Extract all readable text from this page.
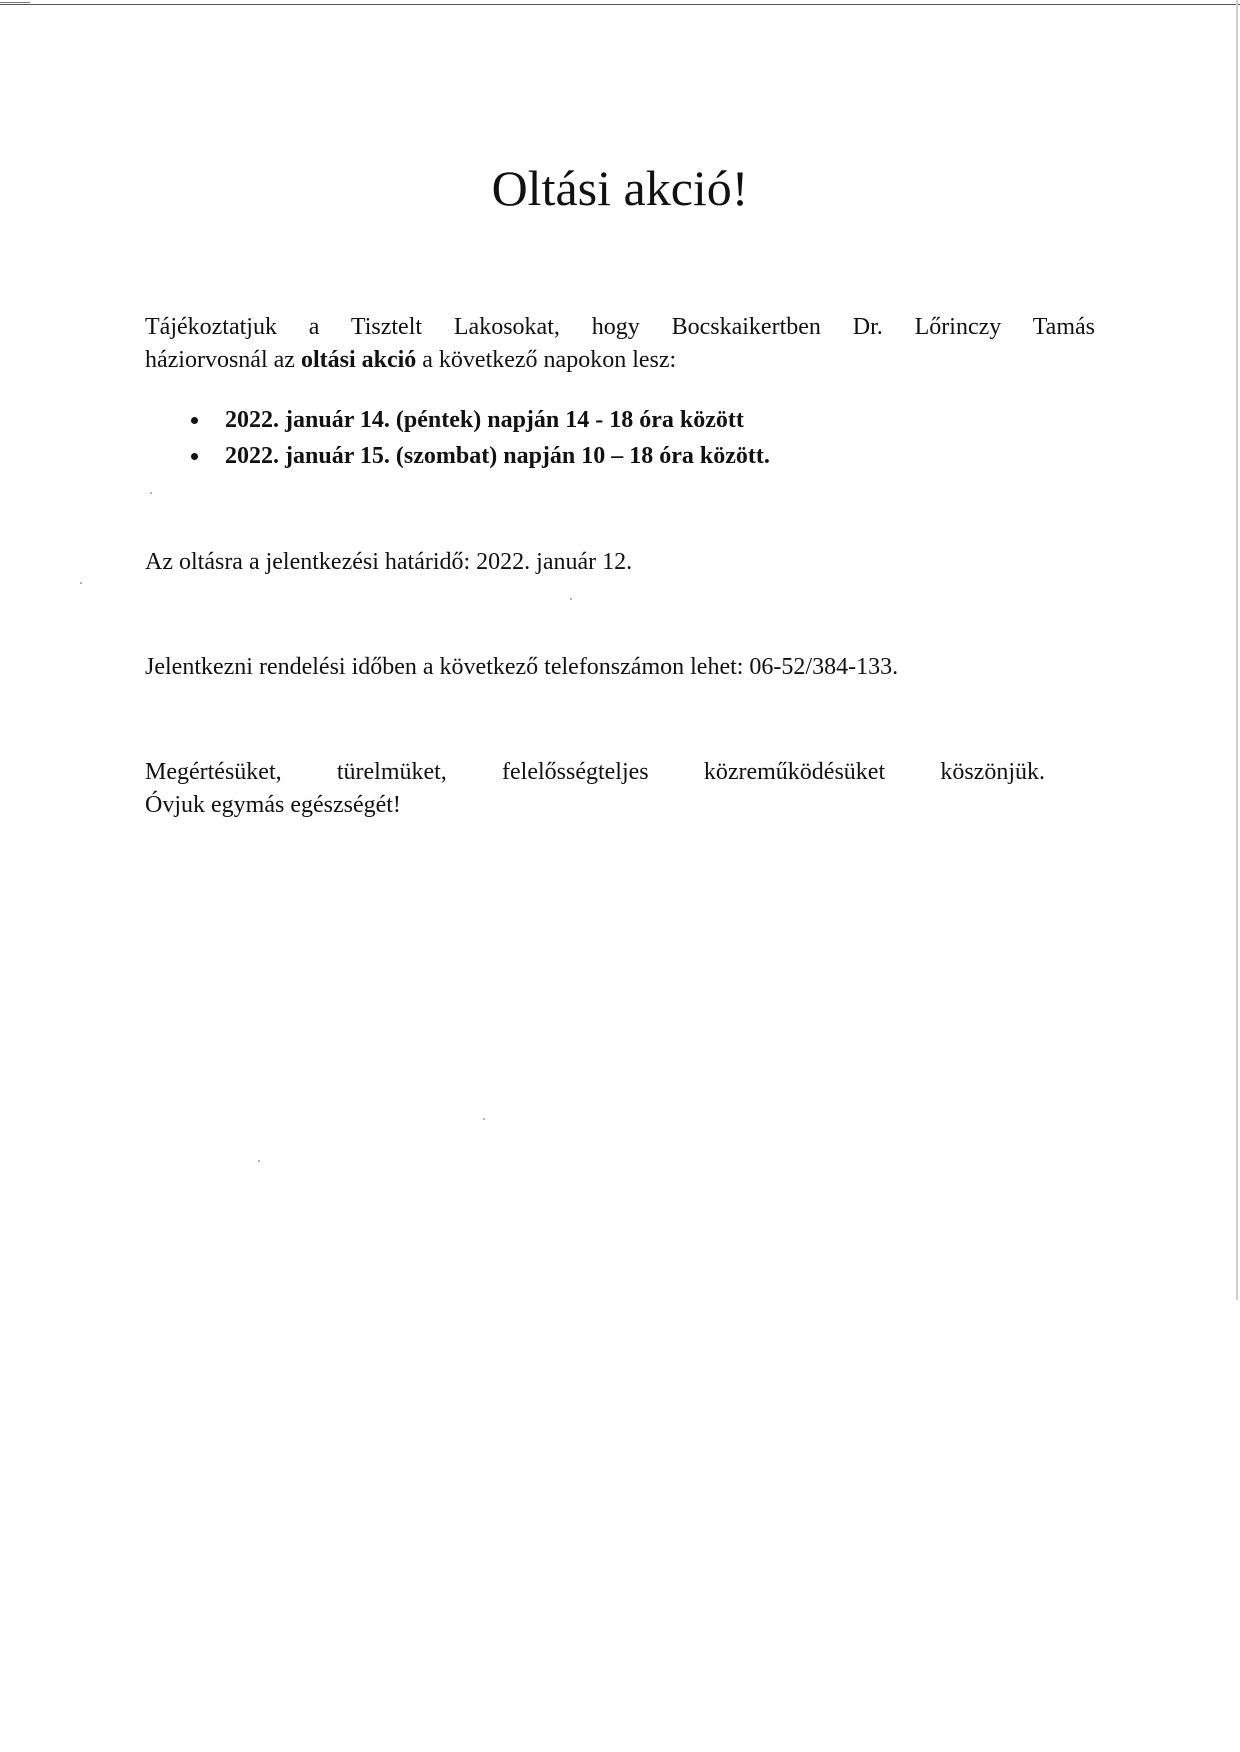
Oltási akció!

Tájékoztatjuk a Tisztelt Lakosokat, hogy Bocskaikertben Dr. Lőrinczy Tamás
háziorvosnál az oltási akció a következő napokon lesz:

2022. január 14. (péntek) napján 14 - 18 óra között
2022. január 15. (szombat) napján 10 – 18 óra között.

Az oltásra a jelentkezési határidő: 2022. január 12.

Jelentkezni rendelési időben a következő telefonszámon lehet: 06-52/384-133.

Megértésüket, türelmüket, felelősségteljes közreműködésüket köszönjük.
Óvjuk egymás egészségét!
